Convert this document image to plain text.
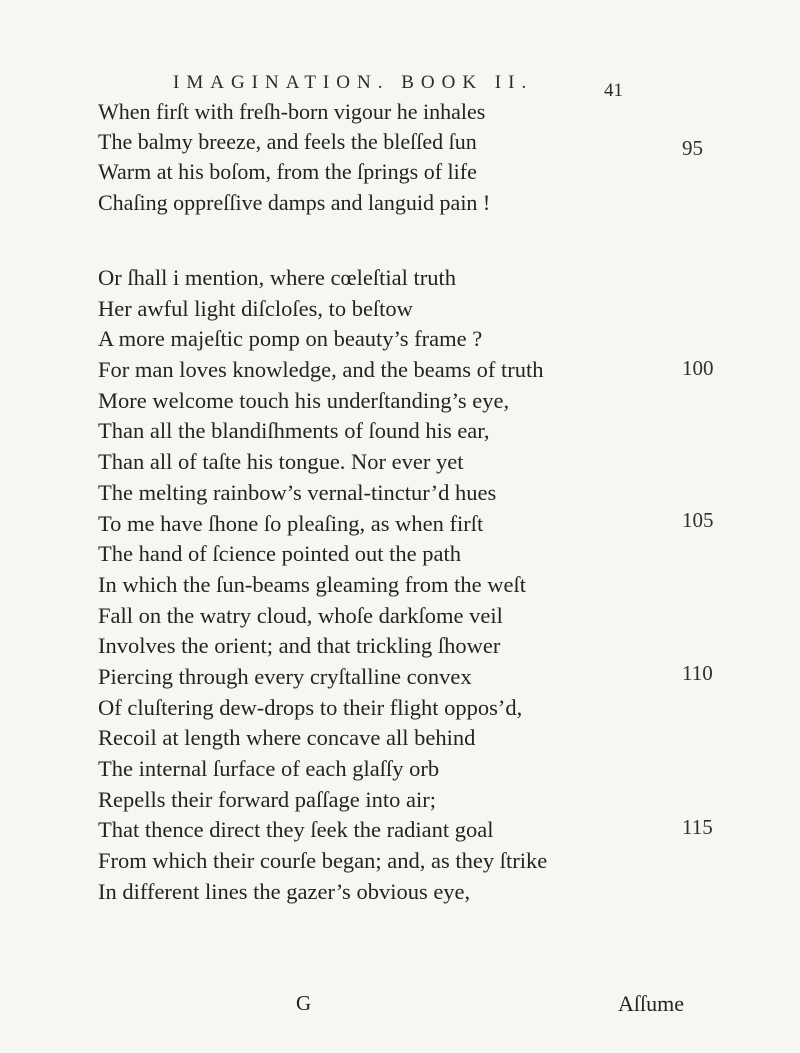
IMAGINATION. BOOK II.	41
When firſt with freſh-born vigour he inhales
The balmy breeze, and feels the bleſſed ſun
Warm at his boſom, from the ſprings of life
Chaſing oppreſſive damps and languid pain !
Or ſhall i mention, where cœleſtial truth
Her awful light diſcloſes, to beſtow
A more majeſtic pomp on beauty’s frame ?
For man loves knowledge, and the beams of truth
More welcome touch his underſtanding’s eye,
Than all the blandiſhments of ſound his ear,
Than all of taſte his tongue. Nor ever yet
The melting rainbow’s vernal-tinctur’d hues
To me have ſhone ſo pleaſing, as when firſt
The hand of ſcience pointed out the path
In which the ſun-beams gleaming from the weſt
Fall on the watry cloud, whoſe darkſome veil
Involves the orient; and that trickling ſhower
Piercing through every cryſtalline convex
Of cluſtering dew-drops to their flight oppos’d,
Recoil at length where concave all behind
The internal ſurface of each glaſſy orb
Repells their forward paſſage into air;
That thence direct they ſeek the radiant goal
From which their courſe began; and, as they ſtrike
In different lines the gazer’s obvious eye,
95
100
105
110
115
G	Aſſume
